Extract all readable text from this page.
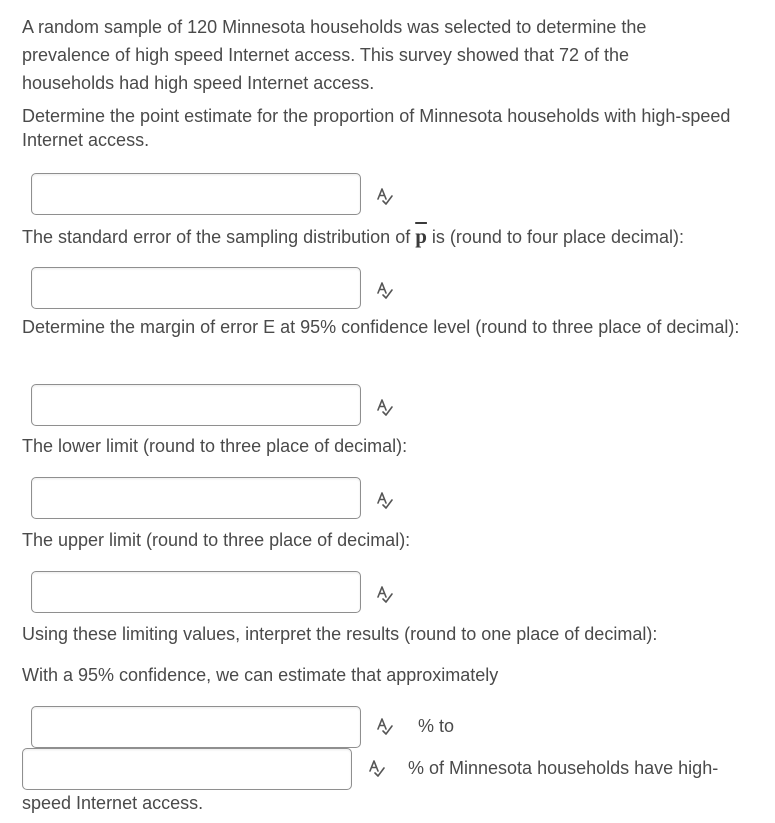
A random sample of 120 Minnesota households was selected to determine the prevalence of high speed Internet access. This survey showed that 72 of the households had high speed Internet access.

Determine the point estimate for the proportion of Minnesota households with high-speed Internet access.

The standard error of the sampling distribution of $\overline{p}$ is (round to four place decimal):

Determine the margin of error E at 95% confidence level (round to three place of decimal):

The lower limit (round to three place of decimal):

The upper limit (round to three place of decimal):

Using these limiting values, interpret the results (round to one place of decimal):

With a 95% confidence, we can estimate that approximately

% to

% of Minnesota households have high-

speed Internet access.
